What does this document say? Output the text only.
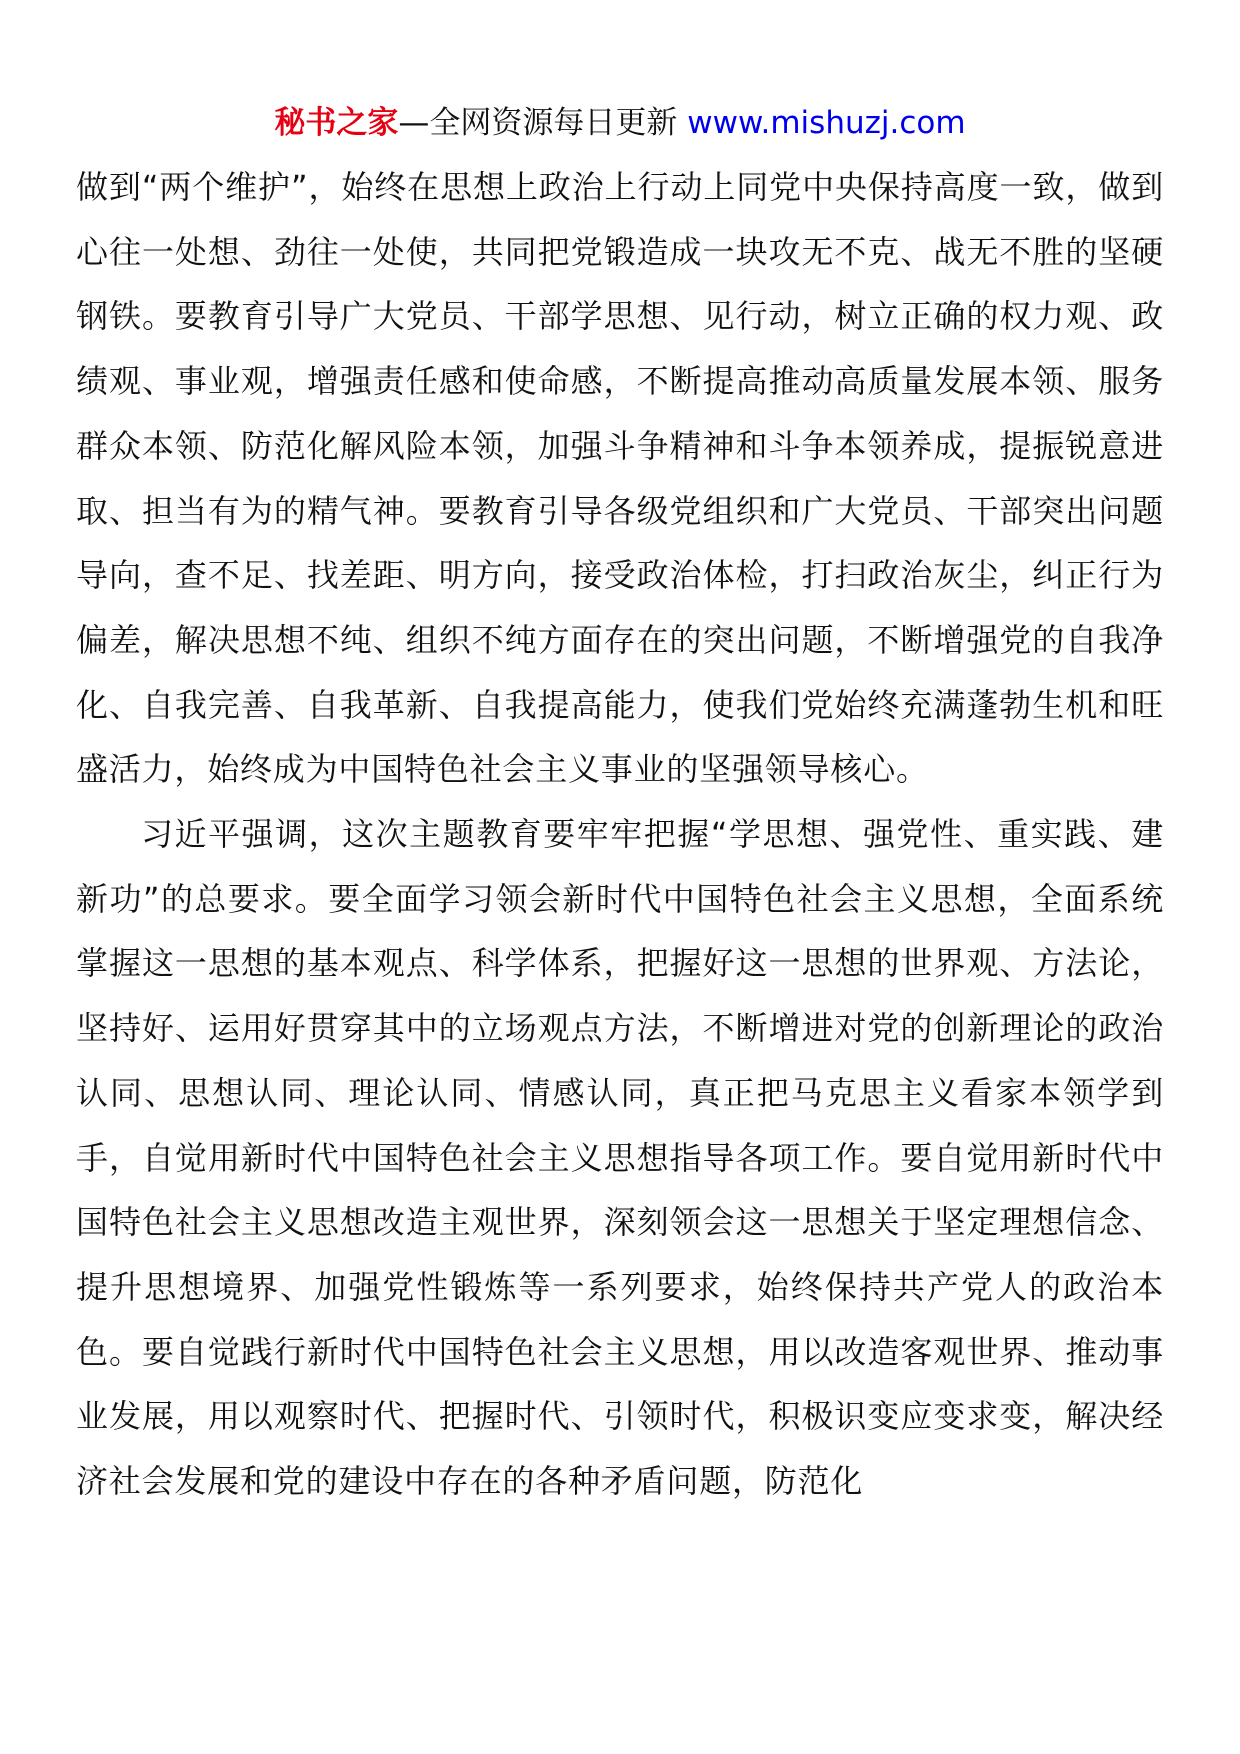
秘书之家—全网资源每日更新 www.mishuzj.com

做到“两个维护”，始终在思想上政治上行动上同党中央保持高度一致，做到心往一处想、劲往一处使，共同把党锻造成一块攻无不克、战无不胜的坚硬钢铁。要教育引导广大党员、干部学思想、见行动，树立正确的权力观、政绩观、事业观，增强责任感和使命感，不断提高推动高质量发展本领、服务群众本领、防范化解风险本领，加强斗争精神和斗争本领养成，提振锐意进取、担当有为的精气神。要教育引导各级党组织和广大党员、干部突出问题导向，查不足、找差距、明方向，接受政治体检，打扫政治灰尘，纠正行为偏差，解决思想不纯、组织不纯方面存在的突出问题，不断增强党的自我净化、自我完善、自我革新、自我提高能力，使我们党始终充满蓬勃生机和旺盛活力，始终成为中国特色社会主义事业的坚强领导核心。

习近平强调，这次主题教育要牢牢把握“学思想、强党性、重实践、建新功”的总要求。要全面学习领会新时代中国特色社会主义思想，全面系统掌握这一思想的基本观点、科学体系，把握好这一思想的世界观、方法论，坚持好、运用好贯穿其中的立场观点方法，不断增进对党的创新理论的政治认同、思想认同、理论认同、情感认同，真正把马克思主义看家本领学到手，自觉用新时代中国特色社会主义思想指导各项工作。要自觉用新时代中国特色社会主义思想改造主观世界，深刻领会这一思想关于坚定理想信念、提升思想境界、加强党性锻炼等一系列要求，始终保持共产党人的政治本色。要自觉践行新时代中国特色社会主义思想，用以改造客观世界、推动事业发展，用以观察时代、把握时代、引领时代，积极识变应变求变，解决经济社会发展和党的建设中存在的各种矛盾问题，防范化
